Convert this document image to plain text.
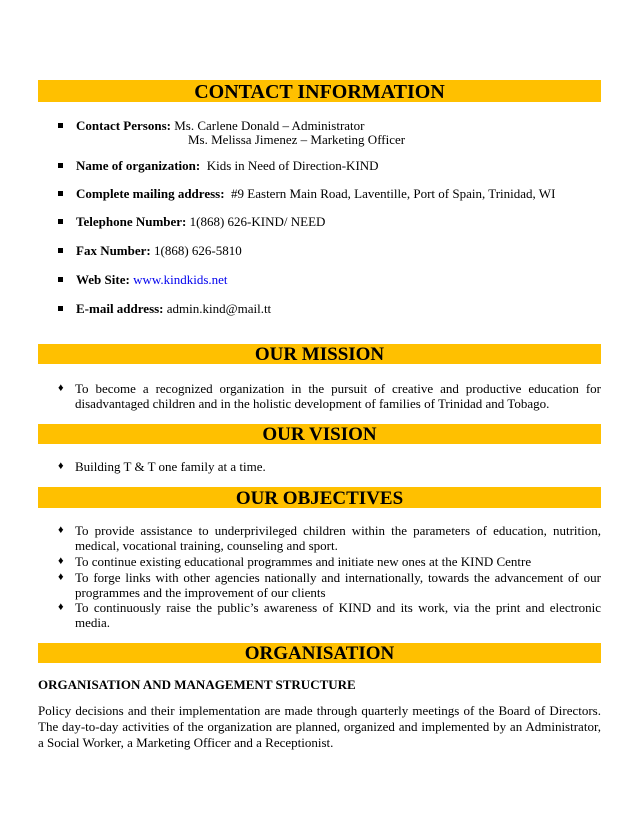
CONTACT INFORMATION
Contact Persons: Ms. Carlene Donald – Administrator
Ms. Melissa Jimenez – Marketing Officer
Name of organization: Kids in Need of Direction-KIND
Complete mailing address: #9 Eastern Main Road, Laventille, Port of Spain, Trinidad, WI
Telephone Number: 1(868) 626-KIND/ NEED
Fax Number: 1(868) 626-5810
Web Site: www.kindkids.net
E-mail address: admin.kind@mail.tt
OUR MISSION
♦ To become a recognized organization in the pursuit of creative and productive education for disadvantaged children and in the holistic development of families of Trinidad and Tobago.
OUR VISION
♦ Building T & T one family at a time.
OUR OBJECTIVES
♦ To provide assistance to underprivileged children within the parameters of education, nutrition, medical, vocational training, counseling and sport.
♦ To continue existing educational programmes and initiate new ones at the KIND Centre
♦ To forge links with other agencies nationally and internationally, towards the advancement of our programmes and the improvement of our clients
♦ To continuously raise the public’s awareness of KIND and its work, via the print and electronic media.
ORGANISATION
ORGANISATION AND MANAGEMENT STRUCTURE
Policy decisions and their implementation are made through quarterly meetings of the Board of Directors. The day-to-day activities of the organization are planned, organized and implemented by an Administrator, a Social Worker, a Marketing Officer and a Receptionist.
